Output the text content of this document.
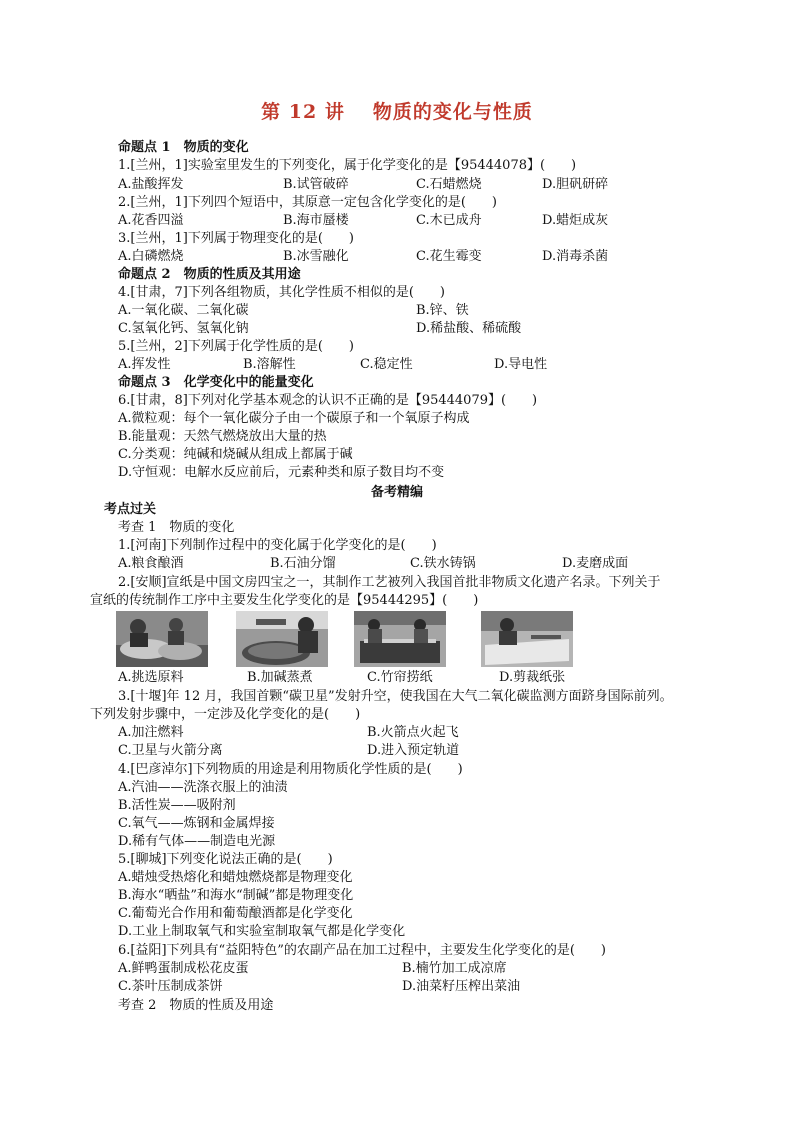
第 12 讲 物质的变化与性质
命题点 1　物质的变化
1.[兰州，1]实验室里发生的下列变化，属于化学变化的是【95444078】(　　)
A.盐酸挥发	B.试管破碎	C.石蜡燃烧	D.胆矾研碎
2.[兰州，1]下列四个短语中，其原意一定包含化学变化的是(　　)
A.花香四溢	B.海市蜃楼	C.木已成舟	D.蜡炬成灰
3.[兰州，1]下列属于物理变化的是(　　)
A.白磷燃烧	B.冰雪融化	C.花生霉变	D.消毒杀菌
命题点 2　物质的性质及其用途
4.[甘肃，7]下列各组物质，其化学性质不相似的是(　　)
A.一氧化碳、二氧化碳	B.锌、铁
C.氢氧化钙、氢氧化钠	D.稀盐酸、稀硫酸
5.[兰州，2]下列属于化学性质的是(　　)
A.挥发性	B.溶解性	C.稳定性	D.导电性
命题点 3　化学变化中的能量变化
6.[甘肃，8]下列对化学基本观念的认识不正确的是【95444079】(　　)
A.微粒观：每个一氧化碳分子由一个碳原子和一个氧原子构成
B.能量观：天然气燃烧放出大量的热
C.分类观：纯碱和烧碱从组成上都属于碱
D.守恒观：电解水反应前后，元素种类和原子数目均不变
备考精编
考点过关
考查 1　物质的变化
1.[河南]下列制作过程中的变化属于化学变化的是(　　)
A.粮食酿酒	B.石油分馏	C.铁水铸锅	D.麦磨成面
2.[安顺]宣纸是中国文房四宝之一，其制作工艺被列入我国首批非物质文化遗产名录。下列关于
宣纸的传统制作工序中主要发生化学变化的是【95444295】(　　)
A.挑选原料	B.加碱蒸煮	C.竹帘捞纸	D.剪裁纸张
3.[十堰]年 12 月，我国首颗“碳卫星”发射升空，使我国在大气二氧化碳监测方面跻身国际前列。
下列发射步骤中，一定涉及化学变化的是(　　)
A.加注燃料	B.火箭点火起飞
C.卫星与火箭分离	D.进入预定轨道
4.[巴彦淖尔]下列物质的用途是利用物质化学性质的是(　　)
A.汽油——洗涤衣服上的油渍
B.活性炭——吸附剂
C.氧气——炼钢和金属焊接
D.稀有气体——制造电光源
5.[聊城]下列变化说法正确的是(　　)
A.蜡烛受热熔化和蜡烛燃烧都是物理变化
B.海水“晒盐”和海水“制碱”都是物理变化
C.葡萄光合作用和葡萄酿酒都是化学变化
D.工业上制取氧气和实验室制取氧气都是化学变化
6.[益阳]下列具有“益阳特色”的农副产品在加工过程中，主要发生化学变化的是(　　)
A.鲜鸭蛋制成松花皮蛋	B.楠竹加工成凉席
C.茶叶压制成茶饼	D.油菜籽压榨出菜油
考查 2　物质的性质及用途
